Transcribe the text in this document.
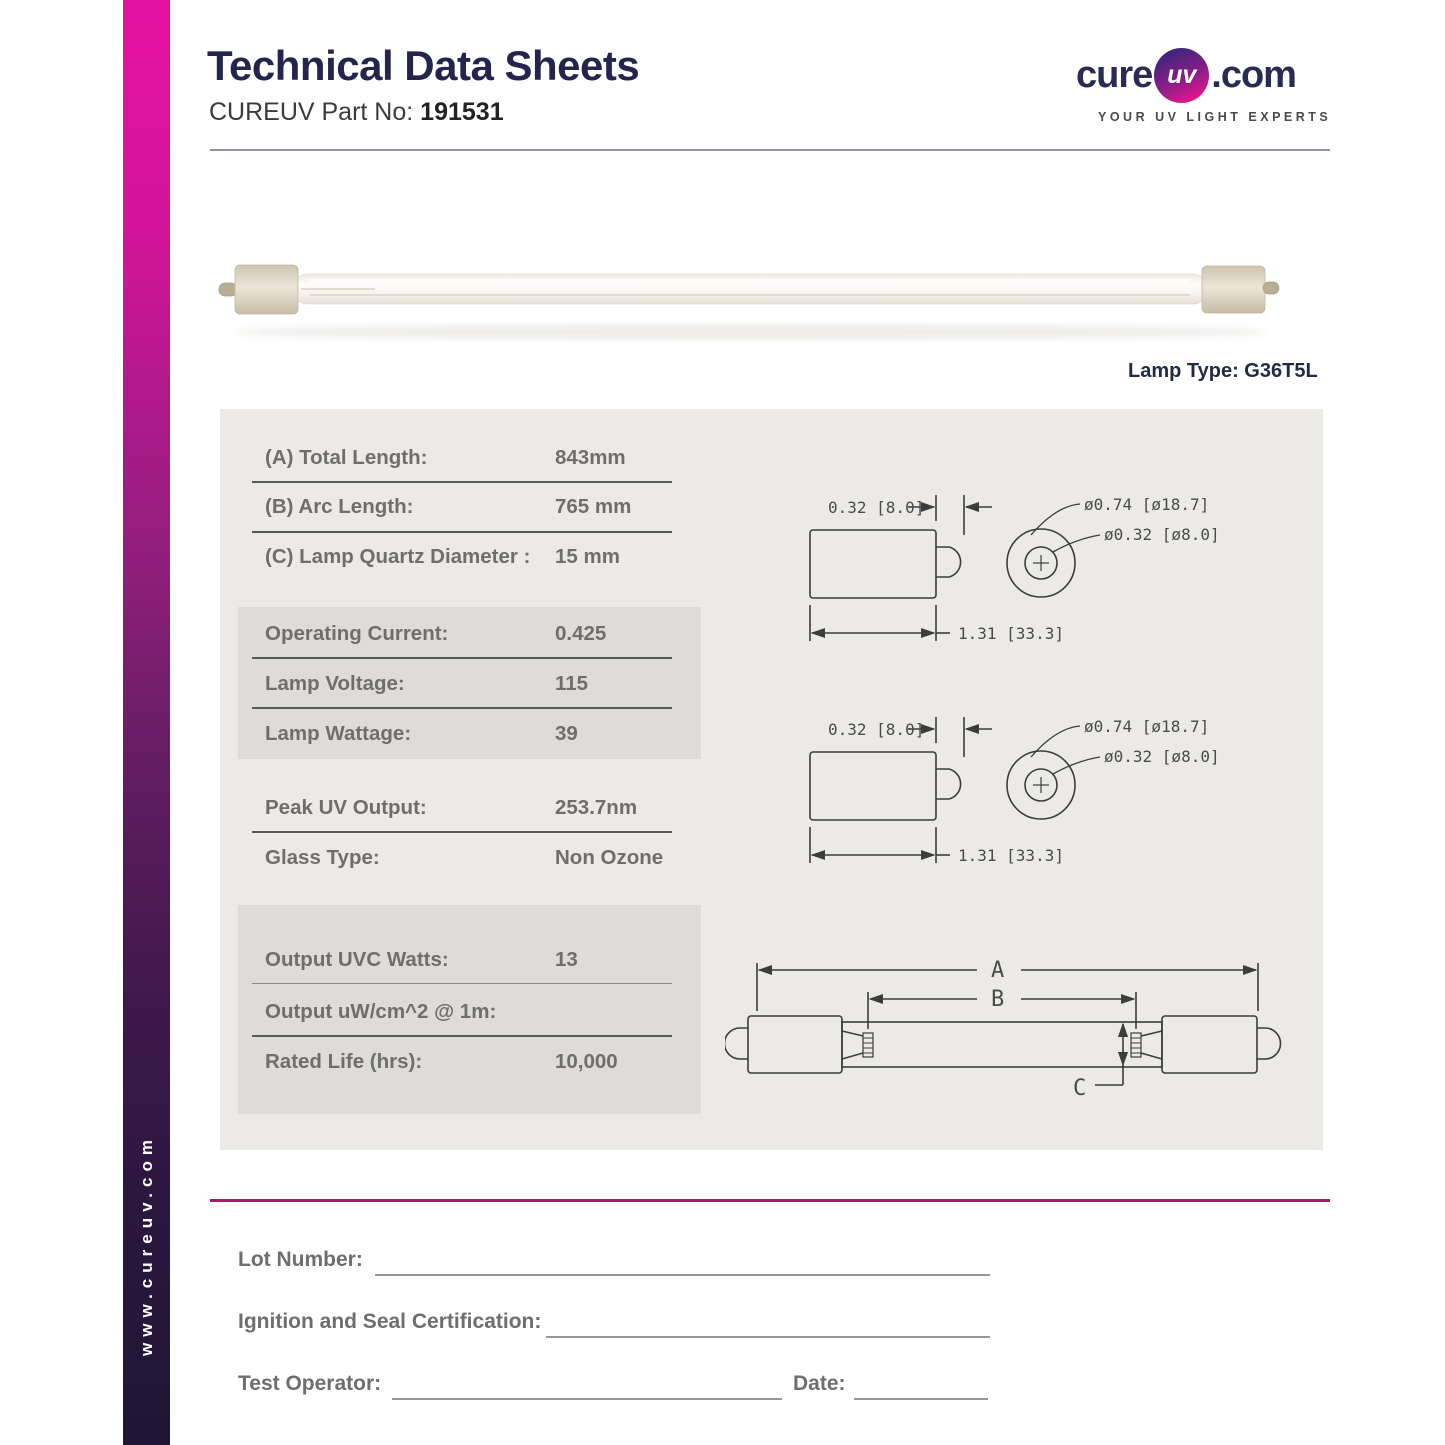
www.cureuv.com
Technical Data Sheets
CUREUV Part No: 191531
cure uv .com
YOUR UV LIGHT EXPERTS
Lamp Type: G36T5L
(A) Total Length:	843mm
(B) Arc Length:	765 mm
(C) Lamp Quartz Diameter : 15 mm
Operating Current:	0.425
Lamp Voltage:	115
Lamp Wattage:	39
Peak UV Output:	253.7nm
Glass Type:	Non Ozone
Output UVC Watts:	13
Output uW/cm^2 @ 1m:
Rated Life (hrs):	10,000
0.32 [8.0]
1.31 [33.3]
ø0.74 [ø18.7]
ø0.32 [ø8.0]
0.32 [8.0]
1.31 [33.3]
ø0.74 [ø18.7]
ø0.32 [ø8.0]
A
B
C
Lot Number:
Ignition and Seal Certification:
Test Operator:	Date:
